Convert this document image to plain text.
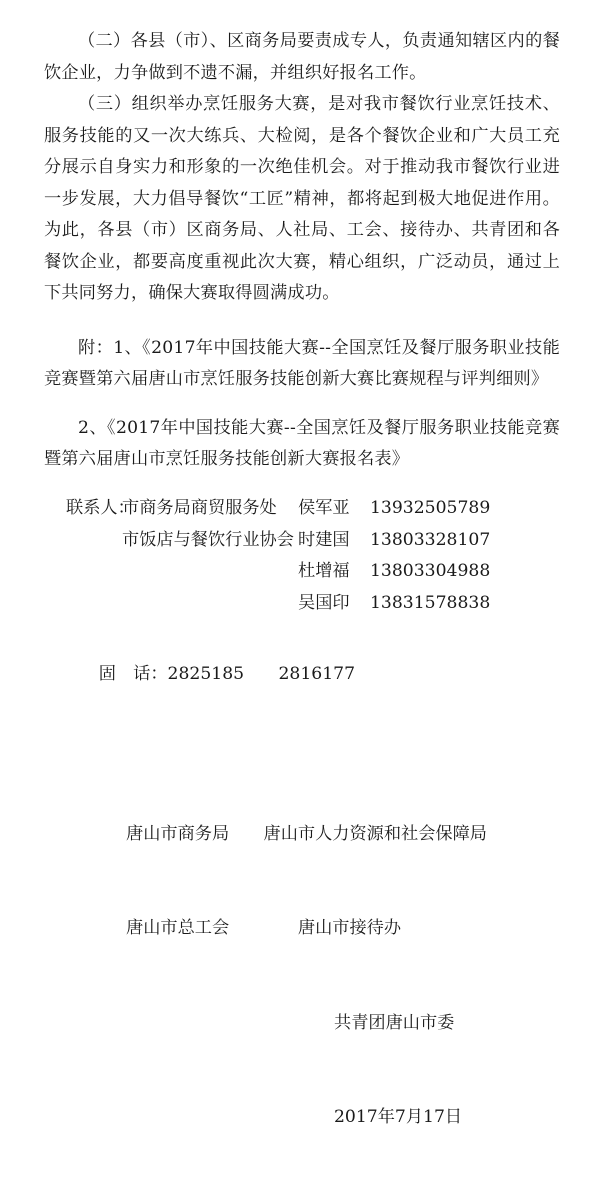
（二）各县（市）、区商务局要责成专人，负责通知辖区内的餐饮企业，力争做到不遗不漏，并组织好报名工作。

（三）组织举办烹饪服务大赛，是对我市餐饮行业烹饪技术、服务技能的又一次大练兵、大检阅，是各个餐饮企业和广大员工充分展示自身实力和形象的一次绝佳机会。对于推动我市餐饮行业进一步发展，大力倡导餐饮“工匠”精神，都将起到极大地促进作用。为此，各县（市）区商务局、人社局、工会、接待办、共青团和各餐饮企业，都要高度重视此次大赛，精心组织，广泛动员，通过上下共同努力，确保大赛取得圆满成功。

附：1、《2017年中国技能大赛--全国烹饪及餐厅服务职业技能竞赛暨第六届唐山市烹饪服务技能创新大赛比赛规程与评判细则》

2、《2017年中国技能大赛--全国烹饪及餐厅服务职业技能竞赛暨第六届唐山市烹饪服务技能创新大赛报名表》

联系人：
市商务局商贸服务处	侯军亚	13932505789
市饭店与餐饮行业协会 时建国	13803328107
杜增福	13803304988
吴国印	13831578838

固　话：2825185　　2816177

唐山市商务局　　唐山市人力资源和社会保障局

唐山市总工会　　　　唐山市接待办

共青团唐山市委

2017年7月17日
